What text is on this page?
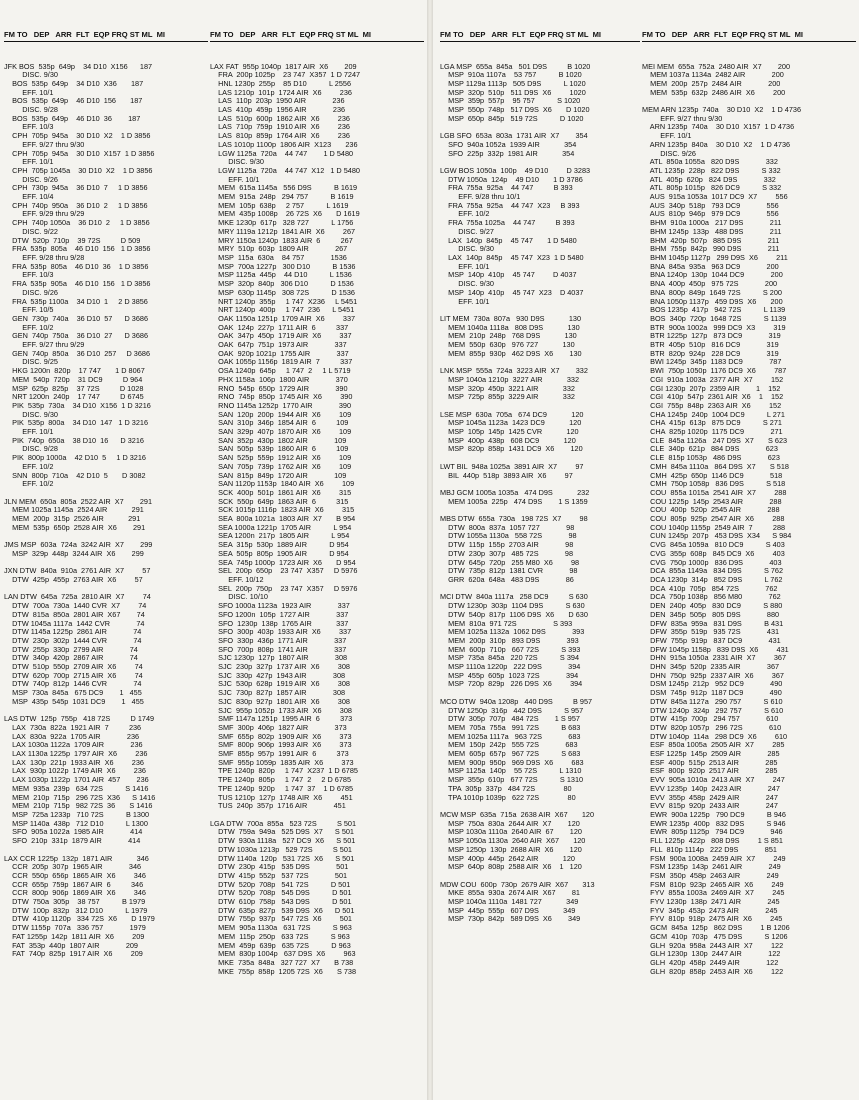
FM TO   DEP   ARR  FLT  EQP FRQ ST ML  MI

JFK BOS  535p  649p    34 D10  X156      187
DISC. 9/30
BOS  535p  649p    34 D10  X36       187
EFF. 10/1
BOS  535p  649p    46 D10  156       187
DISC. 9/28
BOS  535p  649p    46 D10  36        187
EFF. 10/3
CPH  705p  945a    30 D10  X2    1 D 3856
EFF. 9/27 thru 9/30
CPH  705p  945a    30 D10  X157  1 D 3856
EFF. 10/1
CPH  705p 1045a    30 D10  X2    1 D 3856
DISC. 9/26
CPH  730p  945a    36 D10  7     1 D 3856
EFF. 10/4
CPH  740p  950a    36 D10  2     1 D 3856
EFF. 9/29 thru 9/29
CPH  740p 1050a    36 D10  2     1 D 3856
DISC. 9/22
DTW  520p  710p    39 72S          D 509
FRA  535p  805a    46 D10  156   1 D 3856
EFF. 9/28 thru 9/28
FRA  535p  805a    46 D10  36    1 D 3856
EFF. 10/3
FRA  535p  905a    46 D10  156   1 D 3856
DISC. 9/26
FRA  535p 1100a    34 D10  1     2 D 3856
EFF. 10/5
GEN  730p  740a    36 D10  57      D 3686
EFF. 10/2
GEN  740p  750a    36 D10  27      D 3686
EFF. 9/27 thru 9/29
GEN  740p  850a    36 D10  257     D 3686
DISC. 9/25
HKG 1200n  820p    17 747       1 D 8067
MEM  540p  720p    31 DC9          D 964
MSP  625p  825p    37 72S          D 1028
NRT 1200n  240p    17 747          D 6745
PIK  535p  730a    34 D10  X156  1 D 3216
DISC. 9/30
PIK  535p  800a    34 D10  147   1 D 3216
EFF. 10/1
PIK  740p  650a    38 D10  16      D 3216
DISC. 9/28
PIK  800p 1000a    42 D10  5     1 D 3216
EFF. 10/2
SNN  800p  710a    42 D10  5       D 3082
EFF. 10/2

JLN MEM  650a  805a  2522 AIR  X7        291
MEM 1025a 1145a  2524 AIR            291
MEM  200p  315p  2526 AIR            291
MEM  535p  650p  2528 AIR  X6        291

JMS MSP  603a  724a  3242 AIR  X7        299
MSP  329p  448p  3244 AIR  X6        299

JXN DTW  840a  910a  2761 AIR  X7         57
DTW  425p  455p  2763 AIR  X6         57

LAN DTW  645a  725a  2810 AIR  X7         74
DTW  700a  730a  1440 CVR  X7         74
DTW  815a  850a  2801 AIR  X67        74
DTW 1045a 1117a  1442 CVR             74
DTW 1145a 1225p  2861 AIR             74
DTW  230p  302p  1444 CVR             74
DTW  255p  330p  2799 AIR             74
DTW  340p  420p  2867 AIR             74
DTW  510p  550p  2709 AIR  X6         74
DTW  620p  700p  2715 AIR  X6         74
DTW  740p  812p  1446 CVR             74
MSP  730a  845a   675 DC9        1   455
MSP  435p  545p  1031 DC9        1   455

LAS DTW  125p  755p   418 72S          D 1749
LAX  730a  822a  1921 AIR  7          236
LAX  830a  922a  1705 AIR             236
LAX 1030a 1122a  1709 AIR             236
LAX 1130a 1225p  1797 AIR  X6         236
LAX  130p  221p  1933 AIR  X6         236
LAX  930p 1022p  1749 AIR  X6         236
LAX 1030p 1122p  1701 AIR  457        236
MEM  935a  239p   634 72S           S 1416
MEM  210p  715p   296 72S  X36      S 1416
MEM  210p  715p   982 72S  36       S 1416
MSP  725a 1233p   710 72S           B 1300
MSP 1140a  438p   712 D10           L 1300
SFO  905a 1022a  1985 AIR             414
SFO  210p  331p  1879 AIR             414

LAX CCR 1225p  132p  1871 AIR            346
CCR  205p  307p  1965 AIR             346
CCR  550p  656p  1865 AIR  X6         346
CCR  655p  759p  1867 AIR  6          346
CCR  800p  906p  1869 AIR  X6         346
DTW  750a  305p    38 757           B 1979
DTW  100p  832p   312 D10           L 1979
DTW  410p 1120p   334 72S  X6       D 1979
DTW 1155p  707a   336 757             1979
FAT 1255p  142p  1811 AIR  X6         209
FAT  353p  440p  1807 AIR             209
FAT  740p  825p  1917 AIR  X6         209

FM TO   DEP   ARR  FLT  EQP FRQ ST ML  MI

LAX FAT  955p 1040p  1817 AIR  X6        209
FRA  200p 1025p    23 747  X357  1 D 7247
HNL 1230p  255p    85 D10           L 2556
LAS 1210p  101p  1724 AIR  X6         236
LAS  110p  203p  1950 AIR             236
LAS  410p  459p  1956 AIR             236
LAS  510p  600p  1862 AIR  X6         236
LAS  710p  759p  1910 AIR  X6         236
LAS  810p  859p  1764 AIR  X6         236
LAS 1010p 1100p  1806 AIR  X123       236
LGW 1125a  720a    44 747        1 D 5480
DISC. 9/30
LGW 1125a  720a    44 747  X12   1 D 5480
EFF. 10/1
MEM  615a 1145a   556 D9S           B 1619
MEM  915a  248p   294 757           B 1619
MEM  105p  638p     2 757           L 1619
MEM  435p 1008p    26 72S  X6       D 1619
MKE 1230p  617p   328 727           L 1756
MRY 1119a 1212p  1841 AIR  X6         267
MRY 1150a 1240p  1833 AIR  6          267
MRY  510p  603p  1809 AIR             267
MSP  115a  630a    84 757             1536
MSP  700a 1227p   300 D10           B 1536
MSP 1125a  445p    44 D10           L 1536
MSP  320p  840p   306 D10           D 1536
MSP  630p 1145p   308 72S           D 1536
NRT 1240p  355p     1 747  X236     L 5451
NRT 1240p  400p     1 747  236      L 5451
OAK 1150a 1251p  1709 AIR  X6         337
OAK  124p  227p  1711 AIR  6          337
OAK  347p  450p  1719 AIR  X6         337
OAK  647p  751p  1973 AIR             337
OAK  920p 1021p  1755 AIR             337
OAK 1055p 1156p  1819 AIR  7          337
OSA 1240p  645p     1 747  2     1 L 5719
PHX 1158a  106p  1800 AIR             370
RNO  545p  650p  1729 AIR             390
RNO  745p  850p  1745 AIR  X6         390
RNO 1145a 1252p  1770 AIR             390
SAN  120p  200p  1944 AIR  X6         109
SAN  310p  346p  1854 AIR  6          109
SAN  329p  407p  1870 AIR  X6         109
SAN  352p  430p  1802 AIR             109
SAN  505p  539p  1860 AIR  6          109
SAN  525p  559p  1912 AIR  X6         109
SAN  705p  739p  1762 AIR  X6         109
SAN  815p  849p  1720 AIR             109
SAN 1120p 1153p  1840 AIR  X6         109
SCK  400p  501p  1861 AIR  X6         315
SCK  550p  649p  1863 AIR  6          315
SCK 1015p 1116p  1823 AIR  X6         315
SEA  800a 1021a  1803 AIR  X7       B 954
SEA 1000a 1221p  1705 AIR           L 954
SEA 1200n  217p  1805 AIR           L 954
SEA  315p  530p  1889 AIR           D 954
SEA  505p  805p  1905 AIR           D 954
SEA  745p 1000p  1723 AIR  X6       D 954
SEL  200p  650p    23 747  X357     D 5976
EFF. 10/12
SEL  200p  750p    23 747  X357     D 5976
DISC. 10/10
SFO 1000a 1123a  1923 AIR             337
SFO 1200n  105p  1727 AIR             337
SFO  1230p  138p  1765 AIR            337
SFO  300p  403p  1933 AIR  X6         337
SFO  330p  436p  1771 AIR             337
SFO  700p  808p  1741 AIR             337
SJC 1230p  127p  1807 AIR             308
SJC  230p  327p  1737 AIR  X6         308
SJC  330p  427p  1943 AIR             308
SJC  530p  628p  1919 AIR  X6         308
SJC  730p  827p  1857 AIR             308
SJC  830p  927p  1801 AIR  X6         308
SJC  955p 1052p  1733 AIR  X6         308
SMF 1147a 1251p  1995 AIR  6          373
SMF  300p  406p  1827 AIR             373
SMF  655p  802p  1909 AIR  X6         373
SMF  800p  906p  1993 AIR  X6         373
SMF  855p  957p  1991 AIR  6          373
SMF  955p 1059p  1835 AIR  X6         373
TPE 1240p  820p     1 747  X237  1 D 6785
TPE 1240p  805p     1 747  2     2 D 6785
TPE 1240p  920p     1 747  37    1 D 6785
TUS 1210p  127p  1748 AIR  X6         451
TUS  240p  357p  1716 AIR             451

LGA DTW  700a  855a   523 72S          S 501
DTW  759a  949a   525 D9S  X7      S 501
DTW  930a 1118a   527 DC9  X6      S 501
DTW 1030a 1213p   529 72S          S 501
DTW 1140a  120p   531 72S  X6      S 501
DTW  230p  415p   535 D9S             501
DTW  415p  552p   537 72S             501
DTW  520p  708p   541 72S           D 501
DTW  520p  708p   545 D9S           D 501
DTW  610p  758p   543 D9S           D 501
DTW  635p  827p   539 D9S  X6      D 501
DTW  755p  937p   547 72S  X6         501
MEM  905a 1130a   631 72S           S 963
MEM  115p  250p   633 72S           S 963
MEM  459p  639p   635 72S           D 963
MEM  830p 1004p   637 D9S  X6         963
MKE  735a  848a   327 727  X7       B 738
MKE  755p  858p  1205 72S  X6       S 738

FM TO   DEP   ARR  FLT  EQP FRQ ST ML  MI

LGA MSP  655a  845a   501 D9S          B 1020
MSP  910a 1107a    53 757           B 1020
MSP 1129a 1113p   505 D9S           L 1020
MSP  320p  510p   511 D9S  X6         1020
MSP  359p  557p    95 757           S 1020
MSP  550p  748p   517 D9S  X6       D 1020
MSP  650p  845p   519 72S           D 1020

LGB SFO  653a  803a  1731 AIR  X7        354
SFO  940a 1052a  1939 AIR            354
SFO  225p  332p  1981 AIR            354

LGW BOS 1050a  100p    49 D10         D 3283
DTW 1050a  124p    49 D10       1 D 3786
FRA  755a  925a    44 747          B 393
EFF. 9/28 thru 10/1
FRA  755a  925a    44 747  X23     B 393
EFF. 10/2
FRA  755a 1025a    44 747          B 393
DISC. 9/27
LAX  140p  845p    45 747       1 D 5480
DISC. 9/30
LAX  140p  845p    45 747  X23  1 D 5480
EFF. 10/1
MSP  140p  410p    45 747         D 4037
DISC. 9/30
MSP  140p  410p    45 747  X23    D 4037
EFF. 10/1

LIT MEM  730a  807a   930 D9S            130
MEM 1040a 1118a   808 D9S            130
MEM  210p  248p   768 D9S            130
MEM  550p  630p   976 727            130
MEM  855p  930p   462 D9S  X6        130

LNK MSP  555a  724a  3223 AIR  X7        332
MSP 1040a 1210p  3227 AIR            332
MSP  320p  450p  3221 AIR            332
MSP  725p  855p  3229 AIR            332

LSE MSP  630a  705a   674 DC9            120
MSP 1045a 1123a  1423 DC9            120
MSP  105p  145p  1425 CVR            120
MSP  400p  438p   608 DC9            120
MSP  820p  858p  1431 DC9  X6        120

LWT BIL  948a 1025a  3891 AIR  X7         97
BIL  440p  518p  3893 AIR  X6         97

MBJ GCM 1005a 1035a   474 D9S            232
MEM 1005a  225p   474 D9S        1 S 1359

MBS DTW  655a  730a   198 72S  X7         98
DTW  800a  837a  1057 727             98
DTW 1055a 1130a   558 72S             98
DTW  115p  155p  2703 AIR             98
DTW  230p  307p   485 72S             98
DTW  645p  720p   255 M80  X6         98
DTW  735p  812p  1381 CVR             98
GRR  620a  648a   483 D9S             86

MCI DTW  840a 1117a   258 DC9          S 630
DTW 1230p  303p  1104 D9S           S 630
DTW  540p  817p  1106 D9S  X6       D 630
MEM  810a  971 72S                  S 393
MEM 1025a 1132a  1062 D9S             393
MEM  200p  310p   893 D9S             393
MEM  600p  710p   667 72S           S 393
MSP  735a  845a   220 72S           S 394
MSP 1110a 1220p   222 D9S             394
MSP  455p  605p  1023 72S             394
MSP  720p  829p   226 D9S  X6         394

MCO DTW  940a 1208p   440 D9S          B 957
DTW 1250p  316p   442 D9S           S 957
DTW  305p  707p   484 72S        1 S 957
MEM  705a  755a   991 72S           B 683
MEM 1025a 1117a   963 72S             683
MEM  150p  242p   555 72S             683
MEM  605p  657p   967 72S           S 683
MEM  900p  950p   969 D9S  X6         683
MSP 1125a  140p    55 72S           L 1310
MSP  355p  610p   677 72S           S 1310
TPA  305p  337p   484 72S              80
TPA 1010p 1039p   622 72S              80

MCW MSP  635a  715a  2638 AIR  X67       120
MSP  750a  830a  2644 AIR  X7        120
MSP 1030a 1110a  2640 AIR  67        120
MSP 1050a 1130a  2640 AIR  X67       120
MSP 1250p  130p  2688 AIR  X6        120
MSP  400p  445p  2642 AIR            120
MSP  640p  808p  2588 AIR  X6    1   120

MDW COU  600p  730p  2679 AIR  X67       313
MKE  855a  930a  2674 AIR  X67        81
MSP 1040a 1110a  1481 727            349
MSP  445p  555p   607 D9S            349
MSP  730p  842p   589 D9S  X6        349

FM TO   DEP   ARR  FLT  EQP FRQ ST ML  MI

MEI MEM  655a  752a  2480 AIR  X7        200
MEM 1037a 1134a  2482 AIR             200
MEM  200p  257p  2484 AIR             200
MEM  535p  632p  2486 AIR  X6         200

MEM ARN 1235p  740a    30 D10  X2    1 D 4736
EFF. 9/27 thru 9/30
ARN 1235p  740a    30 D10  X157  1 D 4736
EFF. 10/1
ARN 1235p  840a    30 D10  X2    1 D 4736
DISC. 9/26
ATL  850a 1055a   820 D9S             332
ATL 1235p  228p   822 D9S           S 332
ATL  405p  620p   824 D9S             332
ATL  805p 1015p   826 DC9           S 332
AUS  915a 1053a  1017 DC9  X7         556
AUS  340p  518p   793 DC9             556
AUS  810p  946p   979 DC9             556
BHM  910a 1000a   217 D9S             211
BHM 1245p  133p   488 D9S             211
BHM  420p  507p   885 D9S             211
BHM  755p  842p   990 D9S             211
BHM 1045p 1127p   299 D9S  X6         211
BNA  845a  935a   963 DC9             200
BNA 1240p  130p  1044 DC9             200
BNA  400p  450p   975 72S             200
BNA  800p  849p  1649 72S           S 200
BNA 1050p 1137p   459 D9S  X6       200
BOS 1235p  417p   942 72S           L 1139
BOS  340p  720p  1648 72S           S 1139
BTR  900a 1002a   999 DC9  X3         319
BTR 1225p  127p   873 DC9             319
BTR  405p  510p   816 DC9             319
BTR  820p  924p   228 DC9             319
BWI 1245p  345p  1183 DC9             787
BWI  750p 1050p  1176 DC9  X6         787
CGI  910a 1003a  2377 AIR  X7         152
CGI 1230p  207p  2359 AIR        1    152
CGI  410p  547p  2361 AIR  X6    1    152
CGI  755p  848p  2363 AIR  X6         152
CHA 1245p  240p  1004 DC9           L 271
CHA  415p  613p   875 DC9           S 271
CHA  825p 1020p  1175 DC9             271
CLE  845a 1126a   247 D9S  X7       S 623
CLE  340p  621p   884 D9S             623
CLE  815p 1053p   486 D9S             623
CMH  845a 1110a   864 D9S  X7       S 518
CMH  425p  650p  1146 DC9             518
CMH  750p 1058p   836 D9S           S 518
COU  855a 1015a  2541 AIR  X7         288
COU 1225p  145p  2543 AIR             288
COU  400p  520p  2545 AIR             288
COU  805p  925p  2547 AIR  X6         288
COU 1040p 1155p  2549 AIR  7          288
CUN 1245p  207p   453 D9S  X34      S 984
CVG  845a 1059a   810 DC9           S 403
CVG  355p  608p   845 DC9  X6         403
CVG  750p 1000p   836 D9S             403
DCA  855a 1149a   834 D9S           S 762
DCA 1230p  314p   852 D9S           L 762
DCA  410p  705p   854 72S             762
DCA  750p 1038p   856 M80             762
DEN  240p  405p   830 DC9           S 880
DEN  345p  505p   805 D9S             880
DFW  835a  959a   831 D9S           B 431
DFW  355p  519p   935 72S             431
DFW  755p  919p   837 DC9             431
DFW 1045p 1158p   839 D9S  X6         431
DHN  915a 1050a  2331 AIR  X7         367
DHN  345p  520p  2335 AIR             367
DHN  750p  925p  2337 AIR  X6         367
DSM 1245p  212p   952 DC9             490
DSM  745p  912p  1187 DC9             490
DTW  845a 1127a   290 757           S 610
DTW 1240p  324p   292 757           S 610
DTW  415p  700p   294 757             610
DTW  820p 1057p   296 72S             610
DTW 1040p  114a   298 DC9  X6         610
ESF  850a 1005a  2505 AIR  X7         285
ESF 1225p  145p  2509 AIR             285
ESF  400p  515p  2513 AIR             285
ESF  800p  920p  2517 AIR             285
EVV  905a 1010a  2413 AIR  X7         247
EVV 1235p  140p  2423 AIR             247
EVV  355p  458p  2429 AIR             247
EVV  815p  920p  2433 AIR             247
EWR  900a 1225p   790 DC9           B 946
EWR 1235p  400p   832 D9S           S 946
EWR  805p 1125p   794 DC9             946
FLL 1225p  422p   808 D9S         1 S 851
FLL  810p 1114p   222 D9S             851
FSM  900a 1008a  2459 AIR  X7         249
FSM 1235p  143p  2461 AIR             249
FSM  350p  458p  2463 AIR             249
FSM  810p  923p  2465 AIR  X6         249
FYV  855a 1003a  2469 AIR  X7         245
FYV 1230p  138p  2471 AIR             245
FYV  345p  453p  2473 AIR             245
FYV  810p  918p  2475 AIR  X6         245
GCM  845a  125p   862 D9S         1 B 1206
GCM  410p  703p   475 D9S           S 1206
GLH  920a  958a  2443 AIR  X7         122
GLH 1230p  130p  2447 AIR             122
GLH  420p  458p  2449 AIR             122
GLH  820p  858p  2453 AIR  X6         122
